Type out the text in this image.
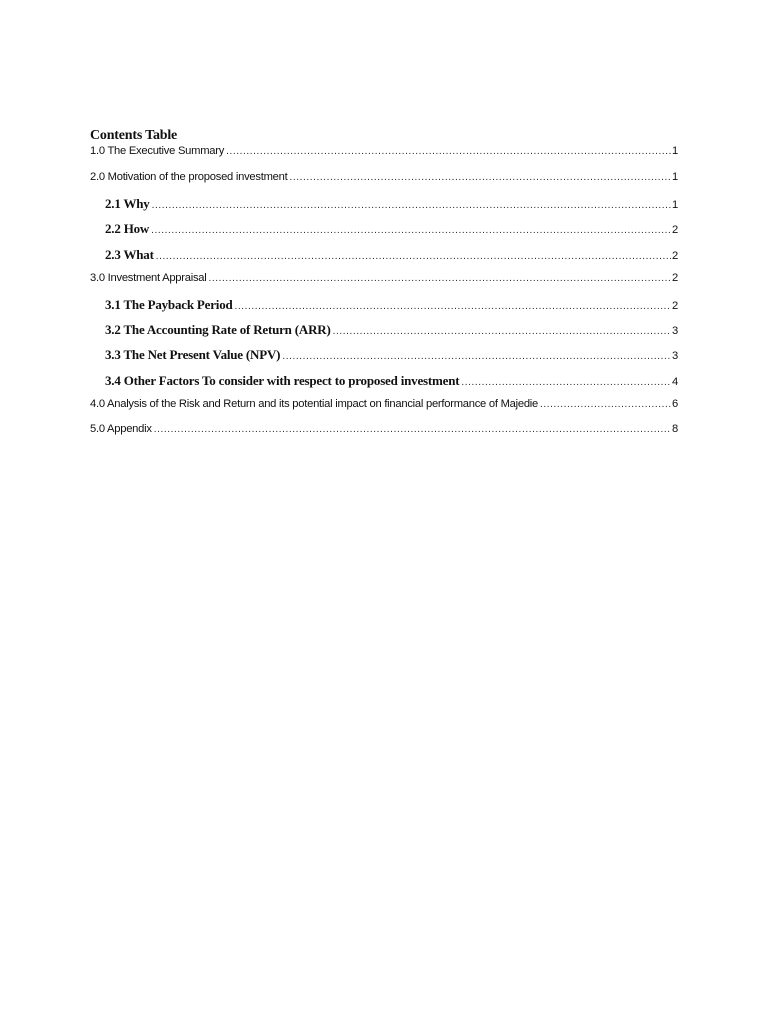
Contents Table
1.0 The Executive Summary .....	1
2.0 Motivation of the proposed investment .....	1
2.1 Why .....	1
2.2 How .....	2
2.3 What .....	2
3.0 Investment Appraisal .....	2
3.1 The Payback Period .....	2
3.2 The Accounting Rate of Return (ARR) .....	3
3.3 The Net Present Value (NPV) .....	3
3.4 Other Factors To consider with respect to proposed investment .....	4
4.0 Analysis of the Risk and Return and its potential impact on financial performance of Majedie .....	6
5.0 Appendix .....	8
